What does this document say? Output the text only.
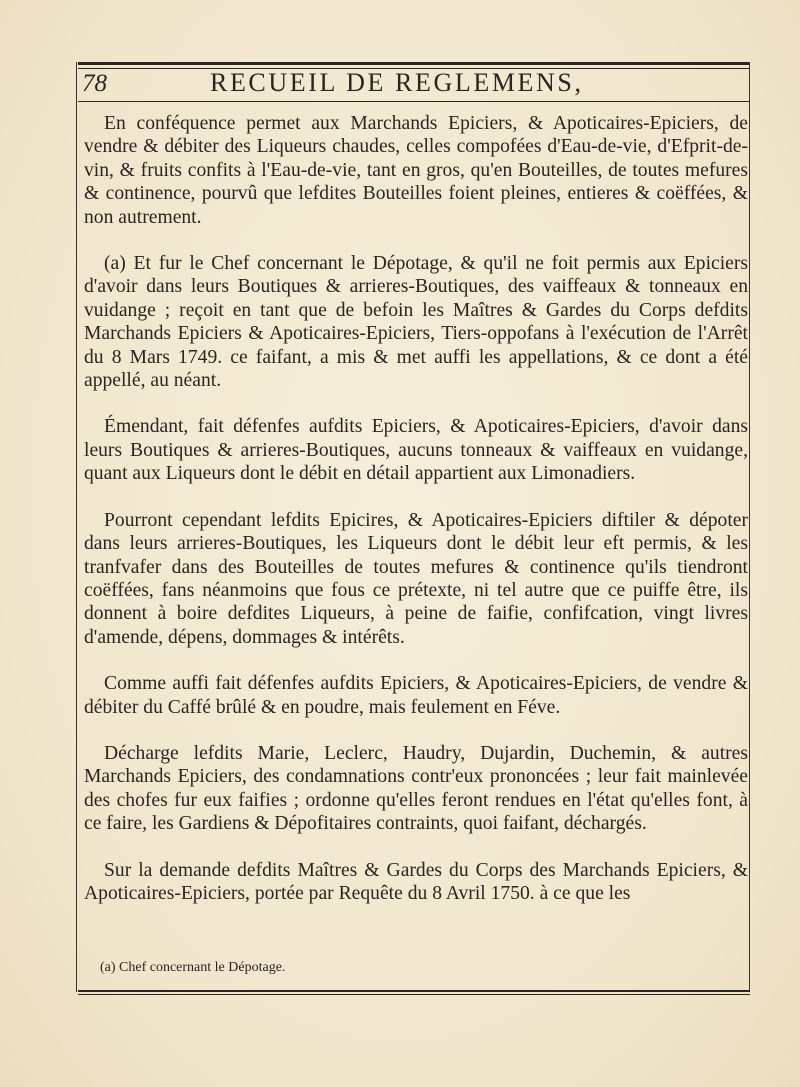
78	RECUEIL DE REGLEMENS,

En conféquence permet aux Marchands Epiciers, & Apoticaires-Epiciers, de vendre & débiter des Liqueurs chaudes, celles compofées d'Eau-de-vie, d'Efprit-de-vin, & fruits confits à l'Eau-de-vie, tant en gros, qu'en Bouteilles, de toutes mefures & continence, pourvû que lefdites Bouteilles foient pleines, entieres & coëffées, & non autrement.

(a) Et fur le Chef concernant le Dépotage, & qu'il ne foit permis aux Epiciers d'avoir dans leurs Boutiques & arrieres-Boutiques, des vaiffeaux & tonneaux en vuidange ; reçoit en tant que de befoin les Maîtres & Gardes du Corps defdits Marchands Epiciers & Apoticaires-Epiciers, Tiers-oppofans à l'exécution de l'Arrêt du 8 Mars 1749. ce faifant, a mis & met auffi les appellations, & ce dont a été appellé, au néant.

Émendant, fait défenfes aufdits Epiciers, & Apoticaires-Epiciers, d'avoir dans leurs Boutiques & arrieres-Boutiques, aucuns tonneaux & vaiffeaux en vuidange, quant aux Liqueurs dont le débit en détail appartient aux Limonadiers.

Pourront cependant lefdits Epicires, & Apoticaires-Epiciers diftiler & dépoter dans leurs arrieres-Boutiques, les Liqueurs dont le débit leur eft permis, & les tranfvafer dans des Bouteilles de toutes mefures & continence qu'ils tiendront coëffées, fans néanmoins que fous ce prétexte, ni tel autre que ce puiffe être, ils donnent à boire defdites Liqueurs, à peine de faifie, confifcation, vingt livres d'amende, dépens, dommages & intérêts.

Comme auffi fait défenfes aufdits Epiciers, & Apoticaires-Epiciers, de vendre & débiter du Caffé brûlé & en poudre, mais feulement en Féve.

Décharge lefdits Marie, Leclerc, Haudry, Dujardin, Duchemin, & autres Marchands Epiciers, des condamnations contr'eux prononcées ; leur fait mainlevée des chofes fur eux faifies ; ordonne qu'elles feront rendues en l'état qu'elles font, à ce faire, les Gardiens & Dépofitaires contraints, quoi faifant, déchargés.

Sur la demande defdits Maîtres & Gardes du Corps des Marchands Epiciers, & Apoticaires-Epiciers, portée par Requête du 8 Avril 1750. à ce que les

(a) Chef concernant le Dépotage.
